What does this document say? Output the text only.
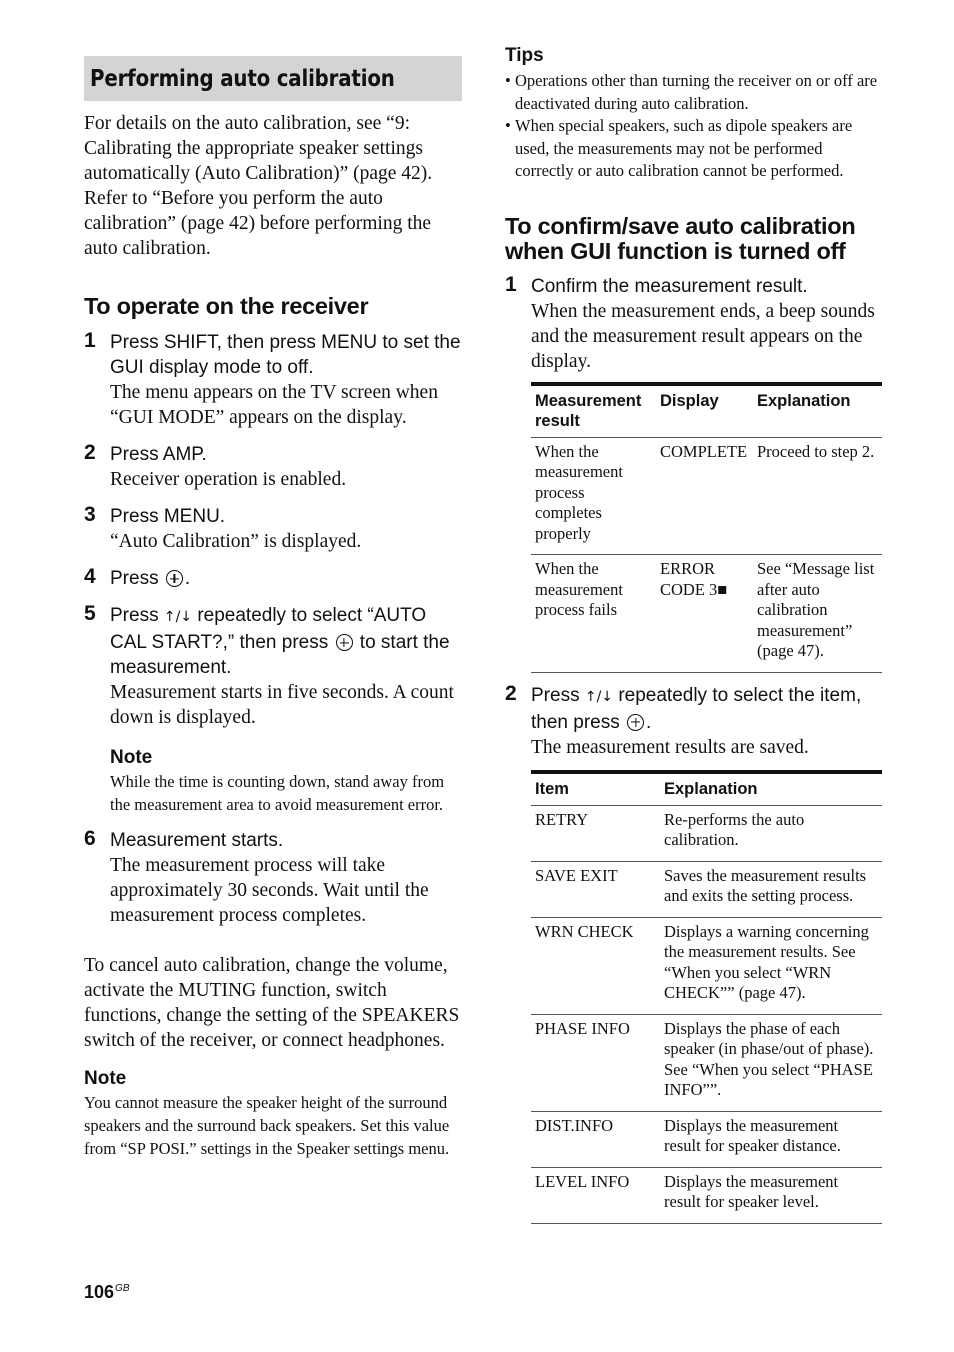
Performing auto calibration
For details on the auto calibration, see “9: Calibrating the appropriate speaker settings automatically (Auto Calibration)” (page 42). Refer to “Before you perform the auto calibration” (page 42) before performing the auto calibration.
To operate on the receiver
1 Press SHIFT, then press MENU to set the GUI display mode to off.
The menu appears on the TV screen when “GUI MODE” appears on the display.
2 Press AMP.
Receiver operation is enabled.
3 Press MENU.
“Auto Calibration” is displayed.
4 Press .
5 Press ↑/↓ repeatedly to select “AUTO CAL START?,” then press  to start the measurement.
Measurement starts in five seconds. A count down is displayed.
Note
While the time is counting down, stand away from the measurement area to avoid measurement error.
6 Measurement starts.
The measurement process will take approximately 30 seconds. Wait until the measurement process completes.
To cancel auto calibration, change the volume, activate the MUTING function, switch functions, change the setting of the SPEAKERS switch of the receiver, or connect headphones.
Note
You cannot measure the speaker height of the surround speakers and the surround back speakers. Set this value from “SP POSI.” settings in the Speaker settings menu.
Tips
• Operations other than turning the receiver on or off are deactivated during auto calibration.
• When special speakers, such as dipole speakers are used, the measurements may not be performed correctly or auto calibration cannot be performed.
To confirm/save auto calibration
when GUI function is turned off
1 Confirm the measurement result.
When the measurement ends, a beep sounds and the measurement result appears on the display.
Measurement result	Display	Explanation
When the measurement process completes properly	COMPLETE	Proceed to step 2.
When the measurement process fails	ERROR CODE 3■	See “Message list after auto calibration measurement” (page 47).
2 Press ↑/↓ repeatedly to select the item, then press .
The measurement results are saved.
Item	Explanation
RETRY	Re-performs the auto calibration.
SAVE EXIT	Saves the measurement results and exits the setting process.
WRN CHECK	Displays a warning concerning the measurement results. See “When you select “WRN CHECK”” (page 47).
PHASE INFO	Displays the phase of each speaker (in phase/out of phase). See “When you select “PHASE INFO””.
DIST.INFO	Displays the measurement result for speaker distance.
LEVEL INFO	Displays the measurement result for speaker level.
$106^{GB}$
